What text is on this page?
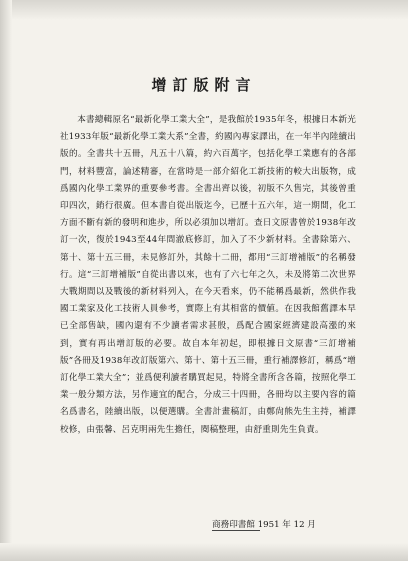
增訂版附言

本書總輯原名“最新化學工業大全”，是我館於1935年冬，根據日本新光社1933年版“最新化學工業大系”全書，約國內專家譯出，在一年半內陸續出版的。全書共十五冊，凡五十八篇，約六百萬字，包括化學工業應有的各部門，材料豐富，論述精審，在當時是一部介紹化工新技術的較大出版物，成爲國內化學工業界的重要參考書。全書出齊以後，初版不久售完，其後曾重印四次，銷行很廣。但本書自從出版迄今，已歷十五六年，這一期間，化工方面不斷有新的發明和進步，所以必須加以增訂。查日文原書曾於1938年改訂一次，復於1943至44年間澈底修訂，加入了不少新材料。全書除第六、第十、第十五三冊，未見修訂外，其餘十二冊，都用“三訂增補版”的名稱發行。這“三訂增補版”自從出書以來，也有了六七年之久，未及將第二次世界大戰期間以及戰後的新材料列入，在今天看來，仍不能稱爲最新，然供作我國工業家及化工技術人員參考，實際上有其相當的價値。在因我館舊譯本早已全部售缺，國內還有不少讀者需求甚殷，爲配合國家經濟建設高漲的來到，實有再出增訂版的必要。故自本年初起，即根據日文原書“三訂增補版”各冊及1938年改訂版第六、第十、第十五三冊，重行補譯修訂，稱爲“增訂化學工業大全”；並爲便利讀者購買起見，特將全書所含各篇，按照化學工業一般分類方法，另作適宜的配合，分成三十四冊，各冊均以主要內容的篇名爲書名，陸續出版，以便選購。全書計畫稿訂，由鄭尙熊先生主持，補譯校修，由張馨、呂克明兩先生擔任，閱稿整理，由舒重則先生負責。

商務印書館 1951 年 12 月
